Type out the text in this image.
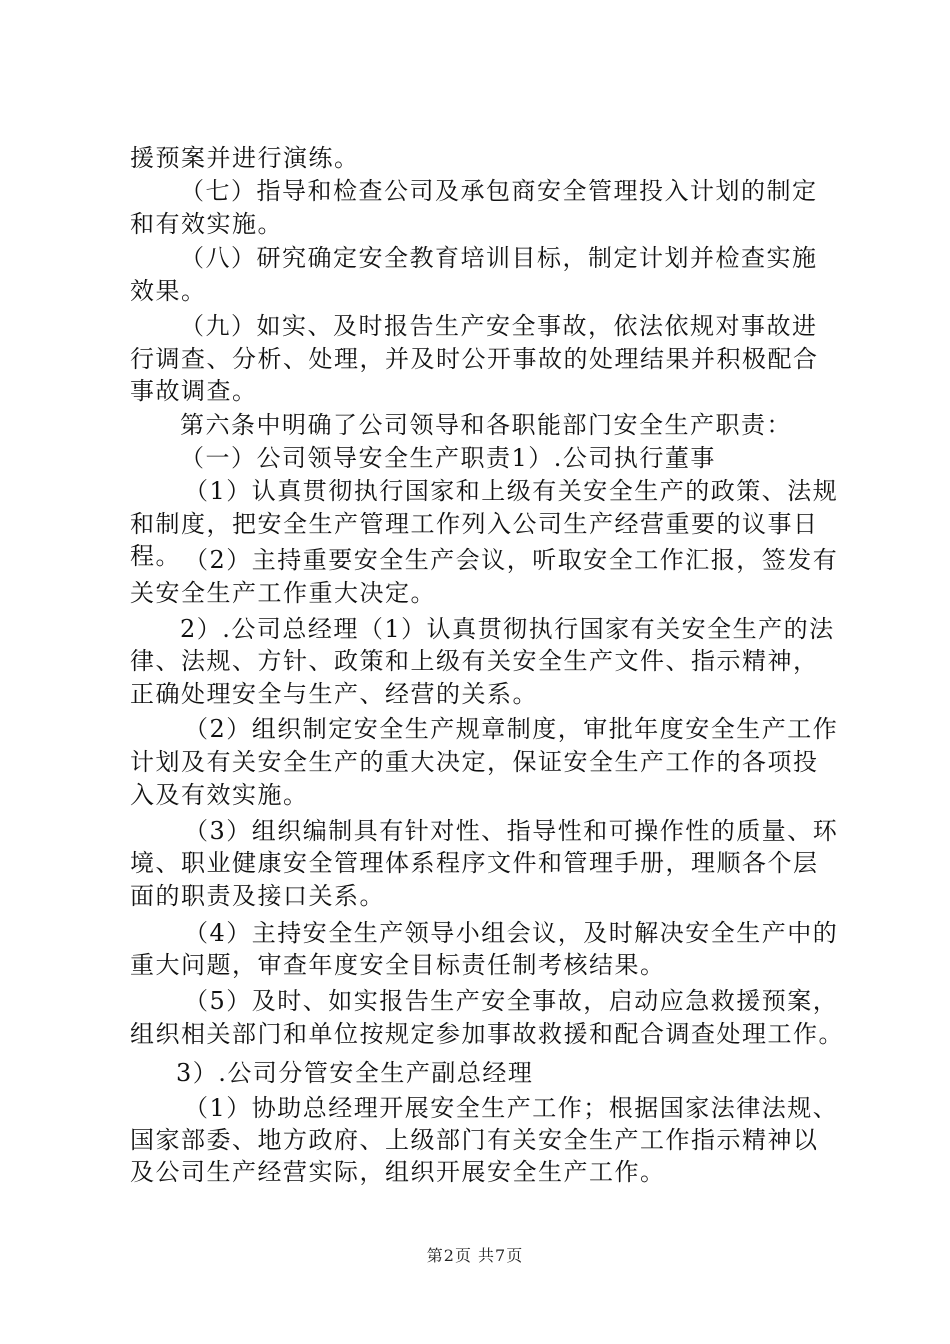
援预案并进行演练。
（七）指导和检查公司及承包商安全管理投入计划的制定
和有效实施。
（八）研究确定安全教育培训目标，制定计划并检查实施
效果。
（九）如实、及时报告生产安全事故，依法依规对事故进
行调查、分析、处理，并及时公开事故的处理结果并积极配合
事故调查。
第六条中明确了公司领导和各职能部门安全生产职责：
（一）公司领导安全生产职责1）.公司执行董事
（1）认真贯彻执行国家和上级有关安全生产的政策、法规
和制度，把安全生产管理工作列入公司生产经营重要的议事日
程。 （2）主持重要安全生产会议，听取安全工作汇报，签发有
关安全生产工作重大决定。
2）.公司总经理（1）认真贯彻执行国家有关安全生产的法
律、法规、方针、政策和上级有关安全生产文件、指示精神，
正确处理安全与生产、经营的关系。
（2）组织制定安全生产规章制度，审批年度安全生产工作
计划及有关安全生产的重大决定，保证安全生产工作的各项投
入及有效实施。
（3）组织编制具有针对性、指导性和可操作性的质量、环
境、职业健康安全管理体系程序文件和管理手册，理顺各个层
面的职责及接口关系。
（4）主持安全生产领导小组会议，及时解决安全生产中的
重大问题，审查年度安全目标责任制考核结果。
（5）及时、如实报告生产安全事故，启动应急救援预案，
组织相关部门和单位按规定参加事故救援和配合调查处理工作。
3）.公司分管安全生产副总经理
（1）协助总经理开展安全生产工作；根据国家法律法规、
国家部委、地方政府、上级部门有关安全生产工作指示精神以
及公司生产经营实际，组织开展安全生产工作。
第2页 共7页
